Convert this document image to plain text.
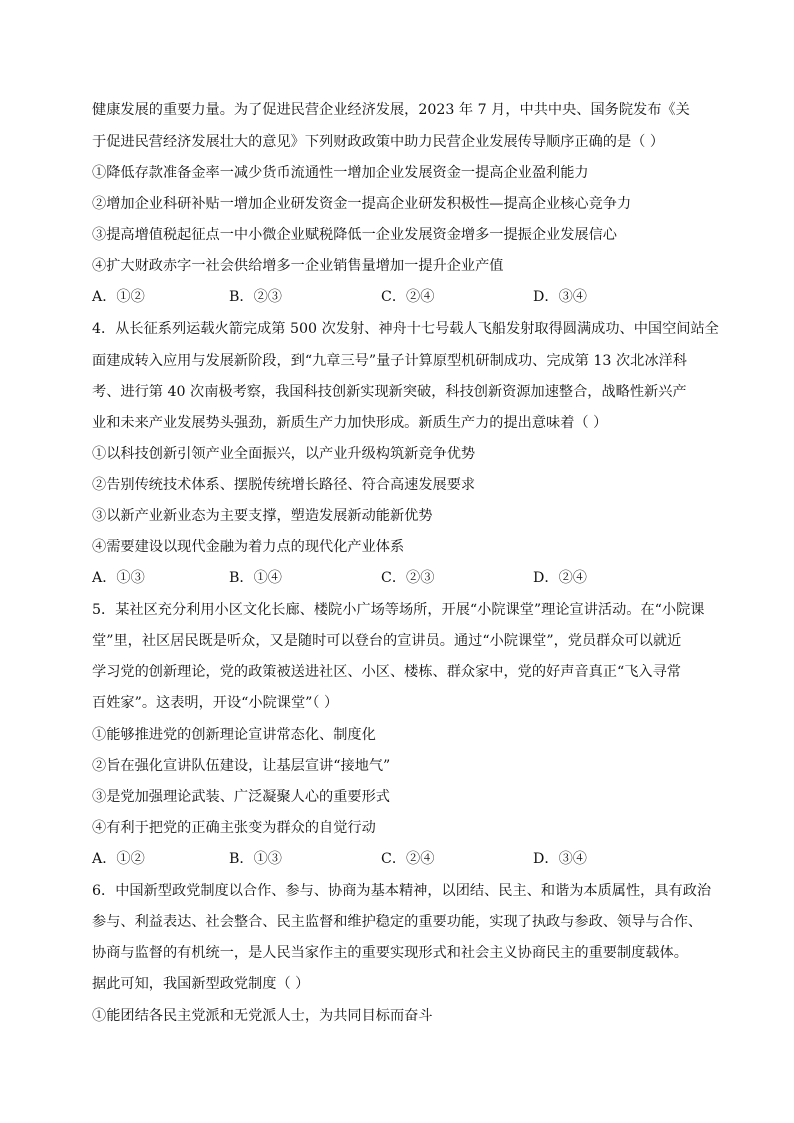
健康发展的重要力量。为了促进民营企业经济发展，2023 年 7 月，中共中央、国务院发布《关
于促进民营经济发展壮大的意见》下列财政政策中助力民营企业发展传导顺序正确的是（ ）
①降低存款准备金率一减少货币流通性一增加企业发展资金一提高企业盈利能力
②增加企业科研补贴一增加企业研发资金一提高企业研发积极性—提高企业核心竞争力
③提高增值税起征点一中小微企业赋税降低一企业发展资金增多一提振企业发展信心
④扩大财政赤字一社会供给增多一企业销售量增加一提升企业产值
A．①②	B．②③	C．②④	D．③④
4．从长征系列运载火箭完成第 500 次发射、神舟十七号载人飞船发射取得圆满成功、中国空间站全
面建成转入应用与发展新阶段，到“九章三号”量子计算原型机研制成功、完成第 13 次北冰洋科
考、进行第 40 次南极考察，我国科技创新实现新突破，科技创新资源加速整合，战略性新兴产
业和未来产业发展势头强劲，新质生产力加快形成。新质生产力的提出意味着（ ）
①以科技创新引领产业全面振兴，以产业升级构筑新竞争优势
②告别传统技术体系、摆脱传统增长路径、符合高速发展要求
③以新产业新业态为主要支撑，塑造发展新动能新优势
④需要建设以现代金融为着力点的现代化产业体系
A．①③	B．①④	C．②③	D．②④
5．某社区充分利用小区文化长廊、楼院小广场等场所，开展“小院课堂”理论宣讲活动。在“小院课
堂”里，社区居民既是听众，又是随时可以登台的宣讲员。通过“小院课堂”，党员群众可以就近
学习党的创新理论，党的政策被送进社区、小区、楼栋、群众家中，党的好声音真正“飞入寻常
百姓家”。这表明，开设“小院课堂”（ ）
①能够推进党的创新理论宣讲常态化、制度化
②旨在强化宣讲队伍建设，让基层宣讲“接地气”
③是党加强理论武装、广泛凝聚人心的重要形式
④有利于把党的正确主张变为群众的自觉行动
A．①②	B．①③	C．②④	D．③④
6．中国新型政党制度以合作、参与、协商为基本精神，以团结、民主、和谐为本质属性，具有政治
参与、利益表达、社会整合、民主监督和维护稳定的重要功能，实现了执政与参政、领导与合作、
协商与监督的有机统一，是人民当家作主的重要实现形式和社会主义协商民主的重要制度载体。
据此可知，我国新型政党制度（ ）
①能团结各民主党派和无党派人士，为共同目标而奋斗
